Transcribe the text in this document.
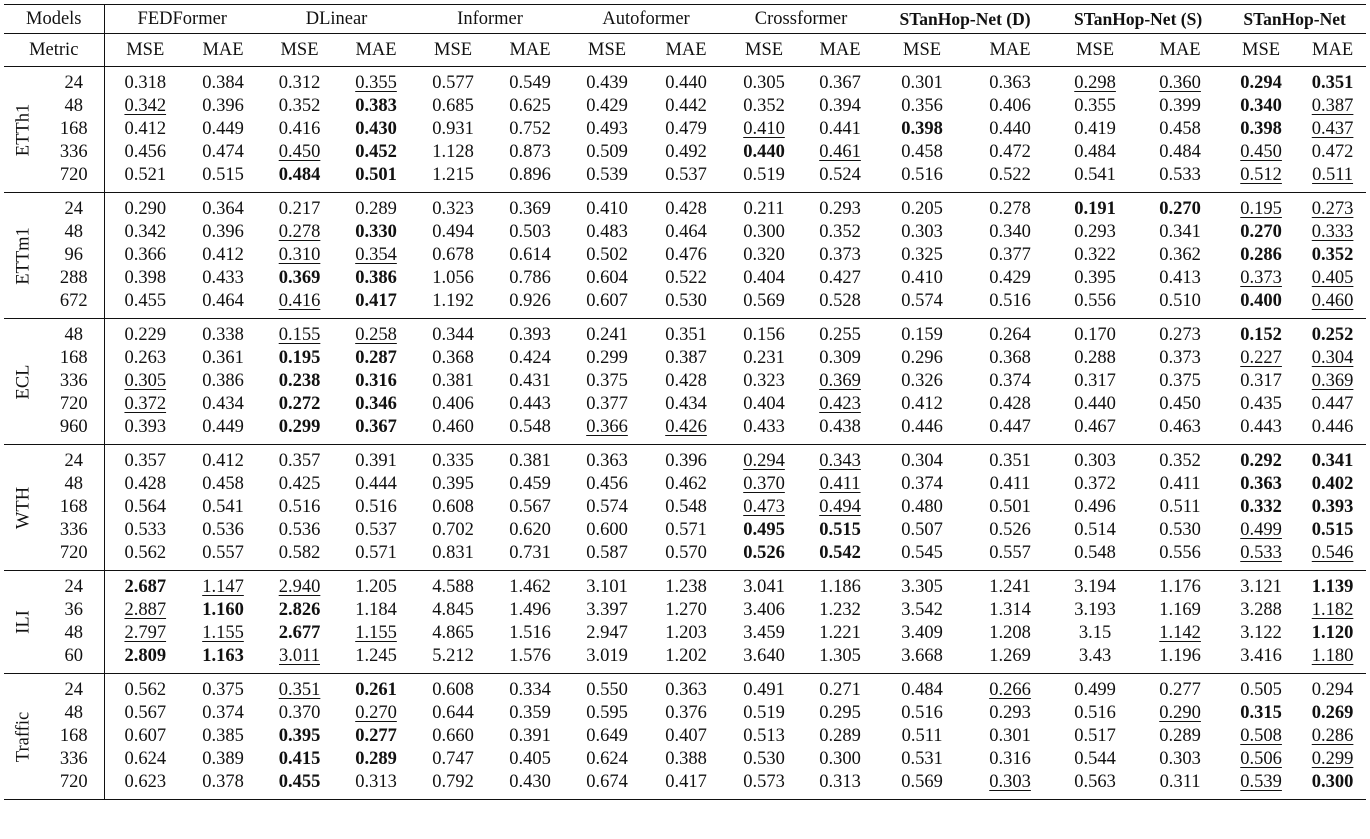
Models		FEDFormer		DLinear		Informer		Autoformer		Crossformer		STanHop-Net (D)		STanHop-Net (S)		STanHop-Net	
Metric		MSE	MAE	MSE	MAE	MSE	MAE	MSE	MAE	MSE	MAE	MSE	MAE	MSE	MAE	MSE	MAE

ETTh1	24	0.318	0.384	0.312	0.355	0.577	0.549	0.439	0.440	0.305	0.367	0.301	0.363	0.298	0.360	0.294	0.351
	48	0.342	0.396	0.352	0.383	0.685	0.625	0.429	0.442	0.352	0.394	0.356	0.406	0.355	0.399	0.340	0.387
	168	0.412	0.449	0.416	0.430	0.931	0.752	0.493	0.479	0.410	0.441	0.398	0.440	0.419	0.458	0.398	0.437
	336	0.456	0.474	0.450	0.452	1.128	0.873	0.509	0.492	0.440	0.461	0.458	0.472	0.484	0.484	0.450	0.472
	720	0.521	0.515	0.484	0.501	1.215	0.896	0.539	0.537	0.519	0.524	0.516	0.522	0.541	0.533	0.512	0.511

ETTm1	24	0.290	0.364	0.217	0.289	0.323	0.369	0.410	0.428	0.211	0.293	0.205	0.278	0.191	0.270	0.195	0.273
	48	0.342	0.396	0.278	0.330	0.494	0.503	0.483	0.464	0.300	0.352	0.303	0.340	0.293	0.341	0.270	0.333
	96	0.366	0.412	0.310	0.354	0.678	0.614	0.502	0.476	0.320	0.373	0.325	0.377	0.322	0.362	0.286	0.352
	288	0.398	0.433	0.369	0.386	1.056	0.786	0.604	0.522	0.404	0.427	0.410	0.429	0.395	0.413	0.373	0.405
	672	0.455	0.464	0.416	0.417	1.192	0.926	0.607	0.530	0.569	0.528	0.574	0.516	0.556	0.510	0.400	0.460

ECL	48	0.229	0.338	0.155	0.258	0.344	0.393	0.241	0.351	0.156	0.255	0.159	0.264	0.170	0.273	0.152	0.252
	168	0.263	0.361	0.195	0.287	0.368	0.424	0.299	0.387	0.231	0.309	0.296	0.368	0.288	0.373	0.227	0.304
	336	0.305	0.386	0.238	0.316	0.381	0.431	0.375	0.428	0.323	0.369	0.326	0.374	0.317	0.375	0.317	0.369
	720	0.372	0.434	0.272	0.346	0.406	0.443	0.377	0.434	0.404	0.423	0.412	0.428	0.440	0.450	0.435	0.447
	960	0.393	0.449	0.299	0.367	0.460	0.548	0.366	0.426	0.433	0.438	0.446	0.447	0.467	0.463	0.443	0.446

WTH	24	0.357	0.412	0.357	0.391	0.335	0.381	0.363	0.396	0.294	0.343	0.304	0.351	0.303	0.352	0.292	0.341
	48	0.428	0.458	0.425	0.444	0.395	0.459	0.456	0.462	0.370	0.411	0.374	0.411	0.372	0.411	0.363	0.402
	168	0.564	0.541	0.516	0.516	0.608	0.567	0.574	0.548	0.473	0.494	0.480	0.501	0.496	0.511	0.332	0.393
	336	0.533	0.536	0.536	0.537	0.702	0.620	0.600	0.571	0.495	0.515	0.507	0.526	0.514	0.530	0.499	0.515
	720	0.562	0.557	0.582	0.571	0.831	0.731	0.587	0.570	0.526	0.542	0.545	0.557	0.548	0.556	0.533	0.546

ILI	24	2.687	1.147	2.940	1.205	4.588	1.462	3.101	1.238	3.041	1.186	3.305	1.241	3.194	1.176	3.121	1.139
	36	2.887	1.160	2.826	1.184	4.845	1.496	3.397	1.270	3.406	1.232	3.542	1.314	3.193	1.169	3.288	1.182
	48	2.797	1.155	2.677	1.155	4.865	1.516	2.947	1.203	3.459	1.221	3.409	1.208	3.15	1.142	3.122	1.120
	60	2.809	1.163	3.011	1.245	5.212	1.576	3.019	1.202	3.640	1.305	3.668	1.269	3.43	1.196	3.416	1.180

Traffic	24	0.562	0.375	0.351	0.261	0.608	0.334	0.550	0.363	0.491	0.271	0.484	0.266	0.499	0.277	0.505	0.294
	48	0.567	0.374	0.370	0.270	0.644	0.359	0.595	0.376	0.519	0.295	0.516	0.293	0.516	0.290	0.315	0.269
	168	0.607	0.385	0.395	0.277	0.660	0.391	0.649	0.407	0.513	0.289	0.511	0.301	0.517	0.289	0.508	0.286
	336	0.624	0.389	0.415	0.289	0.747	0.405	0.624	0.388	0.530	0.300	0.531	0.316	0.544	0.303	0.506	0.299
	720	0.623	0.378	0.455	0.313	0.792	0.430	0.674	0.417	0.573	0.313	0.569	0.303	0.563	0.311	0.539	0.300
